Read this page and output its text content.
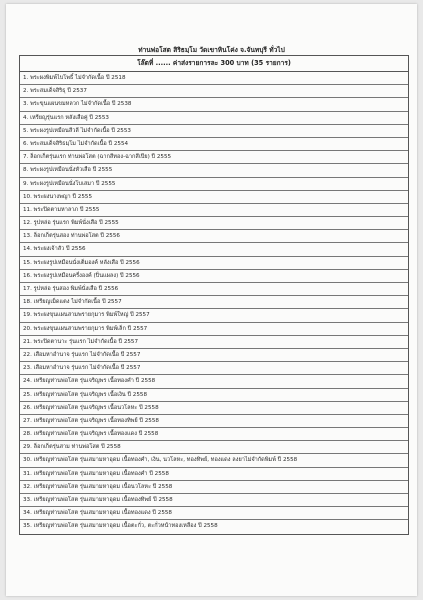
ท่านพ่อโสต สิริธมฺโม วัดเขาหินโค่ง จ.จันทบุรี ทั่วไป
โล๊ตที่ ...... ค่าส่งรายการละ 300 บาท (35 รายการ)
1. พระผงพิมพ์ไบโพธิ์ ไม่จำกัดเนื้อ ปี 2518
2. พระสมเด็จสิริธุ ปี 2537
3. พระขุนแผนขมหลวก ไม่จำกัดเนื้อ ปี 2538
4. เหรียญรุ่นแรก หลังเสือคู่ ปี 2553
5. พระผงรูปเหมือนสีวลี ไม่จำกัดเนื้อ ปี 2553
6. พระสมเด็จสิริธมฺโม ไม่จำกัดเนื้อ ปี 2554
7. ล็อกเก็ตรุ่นแรก ท่านพ่อโสต (ฉากสีทอง-ฉากสีเปีย) ปี 2555
8. พระผงรูปเหมือนนั่งหัวเสือ ปี 2555
9. พระผงรูปเหมือนนั่งโบเสมา ปี 2555
10. พระผงนางพญา ปี 2555
11. พระปิดตามหาลาภ ปี 2555
12. รูปหล่อ รุ่นแรก พิมพ์นั่งเสือ ปี 2555
13. ล็อกเก็ตรุ่นสอง ท่านพ่อโสต ปี 2556
14. พระผงเจ้าสัว ปี 2556
15. พระผงรูปเหมือนนั่งเต็มองค์ หลังเสือ ปี 2556
16. พระผงรูปเหมือนครึ่งองค์ (ปิ่นแผลง) ปี 2556
17. รูปหล่อ รุ่นสอง พิมพ์นั่งเสือ ปี 2556
18. เหรียญเม็ดแตง ไม่จำกัดเนื้อ ปี 2557
19. พระผงขุนแผนสามพรายกุมาร พิมพ์ใหญ่ ปี 2557
20. พระผงขุนแผนสามพรายกุมาร พิมพ์เล็ก ปี 2557
21. พระปิดตานาะ รุ่นแรก ไม่จำกัดเนื้อ ปี 2557
22. เสือมหาอำนาจ รุ่นแรก ไม่จำกัดเนื้อ ปี 2557
23. เสือมหาอำนาจ รุ่นแรก ไม่จำกัดเนื้อ ปี 2557
24. เหรียญท่านพ่อโสต รุ่นเจริญพร เนื้อทองคำ ปี 2558
25. เหรียญท่านพ่อโสต รุ่นเจริญพร เนื้อเงิน ปี 2558
26. เหรียญท่านพ่อโสต รุ่นเจริญพร เนื้อนวโลหะ ปี 2558
27. เหรียญท่านพ่อโสต รุ่นเจริญพร เนื้อทองทิพย์ ปี 2558
28. เหรียญท่านพ่อโสต รุ่นเจริญพร เนื้อทองแดง ปี 2558
29. ล็อกเก็ตรุ่นสาม ท่านพ่อโสต ปี 2558
30. เหรียญท่านพ่อโสต รุ่นเสมามหาอุดม เนื้อทองคำ, เงิน, นวโลหะ, ทองทิพย์, ทองแดง ลงยาไม่จำกัดพิมพ์ ปี 2558
31. เหรียญท่านพ่อโสต รุ่นเสมามหาอุดม เนื้อทองคำ ปี 2558
32. เหรียญท่านพ่อโสต รุ่นเสมามหาอุดม เนื้อนวโลหะ ปี 2558
33. เหรียญท่านพ่อโสต รุ่นเสมามหาอุดม เนื้อทองทิพย์ ปี 2558
34. เหรียญท่านพ่อโสต รุ่นเสมามหาอุดม เนื้อทองแดง ปี 2558
35. เหรียญท่านพ่อโสต รุ่นเสมามหาอุดม เนื้อตะกั่ว, ตะกั่วหน้าทองเหลือง ปี 2558
